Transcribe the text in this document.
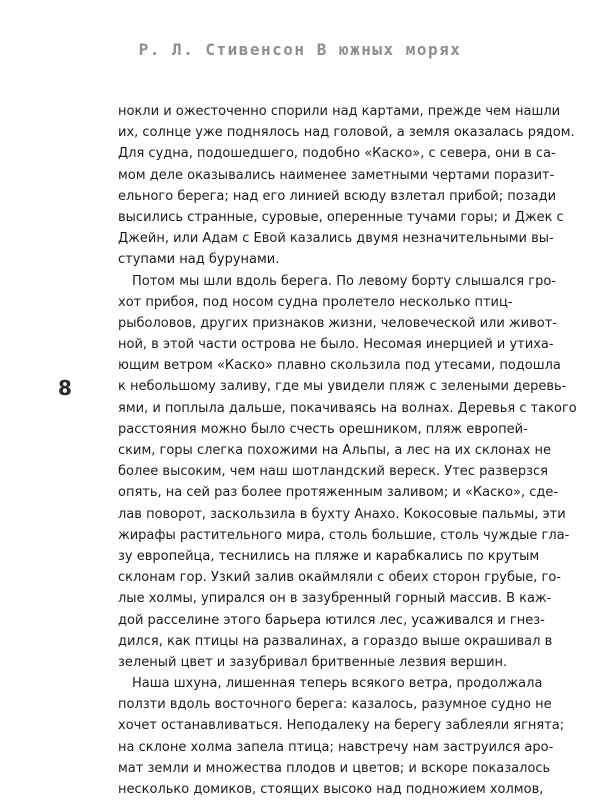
Р. Л. Стивенсон В южных морях
8
нокли и ожесточенно спорили над картами, прежде чем нашли
их, солнце уже поднялось над головой, а земля оказалась рядом.
Для судна, подошедшего, подобно «Каско», с севера, они в са-
мом деле оказывались наименее заметными чертами поразит-
ельного берега; над его линией всюду взлетал прибой; позади
высились странные, суровые, оперенные тучами горы; и Джек с
Джейн, или Адам с Евой казались двумя незначительными вы-
ступами над бурунами.
Потом мы шли вдоль берега. По левому борту слышался гро-
хот прибоя, под носом судна пролетело несколько птиц-
рыболовов, других признаков жизни, человеческой или живот-
ной, в этой части острова не было. Несомая инерцией и утиха-
ющим ветром «Каско» плавно скользила под утесами, подошла
к небольшому заливу, где мы увидели пляж с зелеными деревь-
ями, и поплыла дальше, покачиваясь на волнах. Деревья с такого
расстояния можно было счесть орешником, пляж европей-
ским, горы слегка похожими на Альпы, а лес на их склонах не
более высоким, чем наш шотландский вереск. Утес разверзся
опять, на сей раз более протяженным заливом; и «Каско», сде-
лав поворот, заскользила в бухту Анахо. Кокосовые пальмы, эти
жирафы растительного мира, столь большие, столь чуждые гла-
зу европейца, теснились на пляже и карабкались по крутым
склонам гор. Узкий залив окаймляли с обеих сторон грубые, го-
лые холмы, упирался он в зазубренный горный массив. В каж-
дой расселине этого барьера ютился лес, усаживался и гнез-
дился, как птицы на развалинах, а гораздо выше окрашивал в
зеленый цвет и зазубривал бритвенные лезвия вершин.
Наша шхуна, лишенная теперь всякого ветра, продолжала
ползти вдоль восточного берега: казалось, разумное судно не
хочет останавливаться. Неподалеку на берегу заблеяли ягнята;
на склоне холма запела птица; навстречу нам заструился аро-
мат земли и множества плодов и цветов; и вскоре показалось
несколько домиков, стоящих высоко над подножием холмов,
